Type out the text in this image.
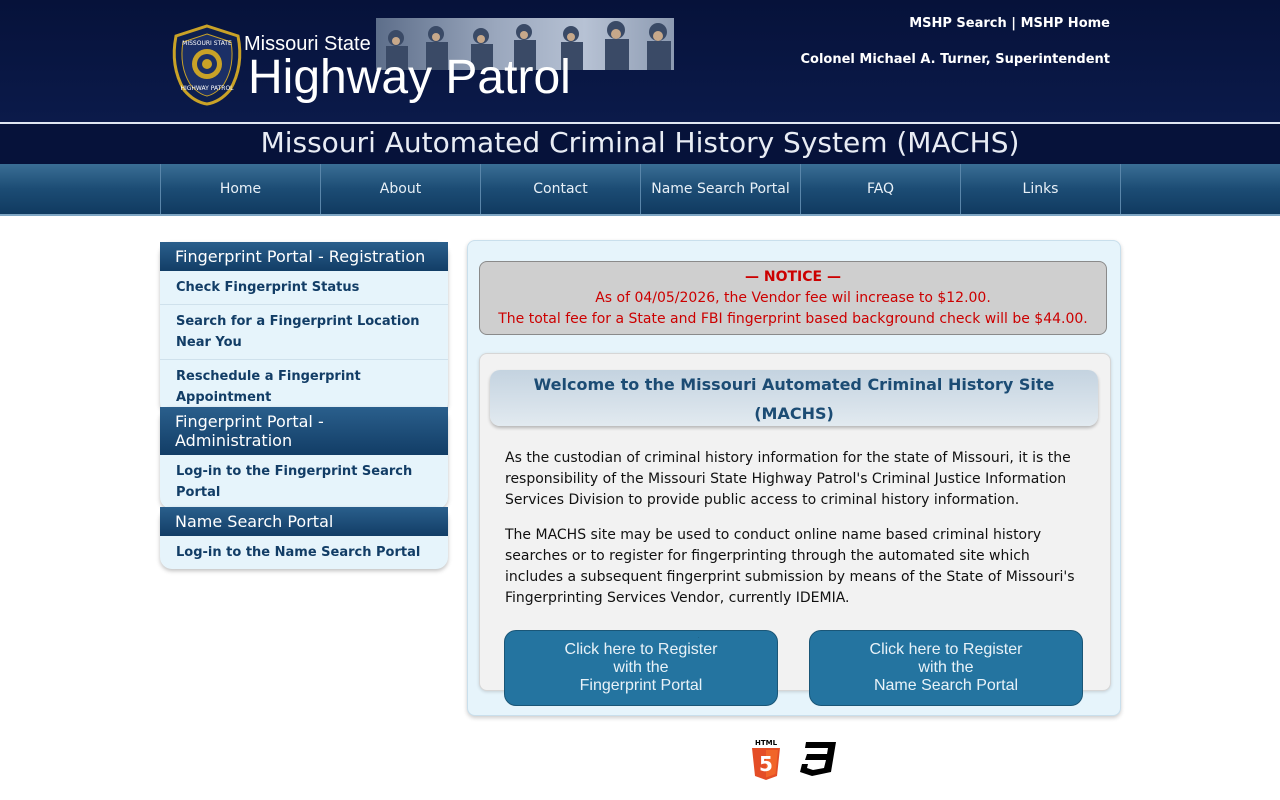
MISSOURI STATE
HIGHWAY PATROL
Missouri State
Highway Patrol
MSHP Search | MSHP Home
Colonel Michael A. Turner, Superintendent
Missouri Automated Criminal History System (MACHS)
Home	About	Contact	Name Search Portal	FAQ	Links
Fingerprint Portal - Registration
Check Fingerprint Status
Search for a Fingerprint Location Near You
Reschedule a Fingerprint Appointment
Fingerprint Portal - Administration
Log-in to the Fingerprint Search Portal
Name Search Portal
Log-in to the Name Search Portal
— NOTICE —
As of 04/05/2026, the Vendor fee wil increase to $12.00.
The total fee for a State and FBI fingerprint based background check will be $44.00.
Welcome to the Missouri Automated Criminal History Site
(MACHS)

As the custodian of criminal history information for the state of Missouri, it is the responsibility of the Missouri State Highway Patrol's Criminal Justice Information Services Division to provide public access to criminal history information.

The MACHS site may be used to conduct online name based criminal history searches or to register for fingerprinting through the automated site which includes a subsequent fingerprint submission by means of the State of Missouri's Fingerprinting Services Vendor, currently IDEMIA.

Click here to Register
with the
Fingerprint Portal
Click here to Register
with the
Name Search Portal
HTML
5
3
